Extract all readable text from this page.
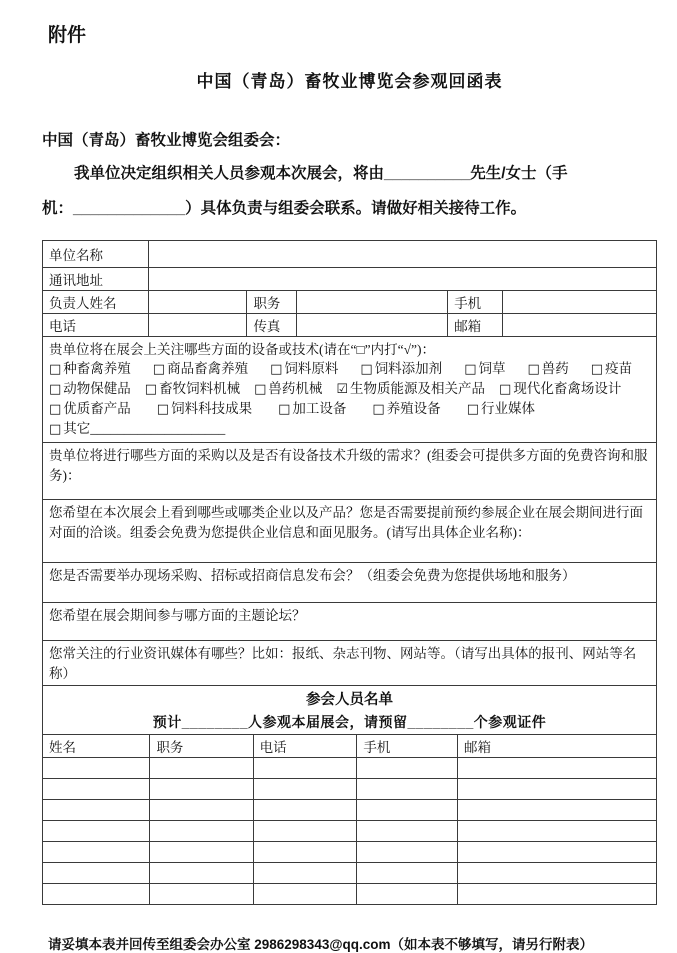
附件
中国（青岛）畜牧业博览会参观回函表
中国（青岛）畜牧业博览会组委会：
我单位决定组织相关人员参观本次展会，将由__________先生/女士（手
机：_____________）具体负责与组委会联系。请做好相关接待工作。
单位名称					
通讯地址					
负责人姓名		职务		手机	
电话		传真		邮箱	

贵单位将在展会上关注哪些方面的设备或技术(请在“□”内打“√”)：
□ 种畜禽养殖 □ 商品畜禽养殖 □ 饲料原料 □ 饲料添加剂 □ 饲草 □ 兽药 □ 疫苗
□ 动物保健品 □ 畜牧饲料机械 □ 兽药机械 ☑ 生物质能源及相关产品 □ 现代化畜禽场设计
□ 优质畜产品 □ 饲料科技成果 □ 加工设备 □ 养殖设备 □ 行业媒体
□ 其它____________________

贵单位将进行哪些方面的采购以及是否有设备技术升级的需求？(组委会可提供多方面的免费咨询和服务)：					
您希望在本次展会上看到哪些或哪类企业以及产品？您是否需要提前预约参展企业在展会期间进行面对面的洽谈。组委会免费为您提供企业信息和面见服务。(请写出具体企业名称)：					
您是否需要举办现场采购、招标或招商信息发布会？（组委会免费为您提供场地和服务）					
您希望在展会期间参与哪方面的主题论坛？					
您常关注的行业资讯媒体有哪些？比如：报纸、杂志刊物、网站等。（请写出具体的报刊、网站等名称）					
参会人员名单
预计________人参观本届展会，请预留________个参观证件				

姓名	职务	电话	手机	邮箱

请妥填本表并回传至组委会办公室 2986298343@qq.com（如本表不够填写，请另行附表）
